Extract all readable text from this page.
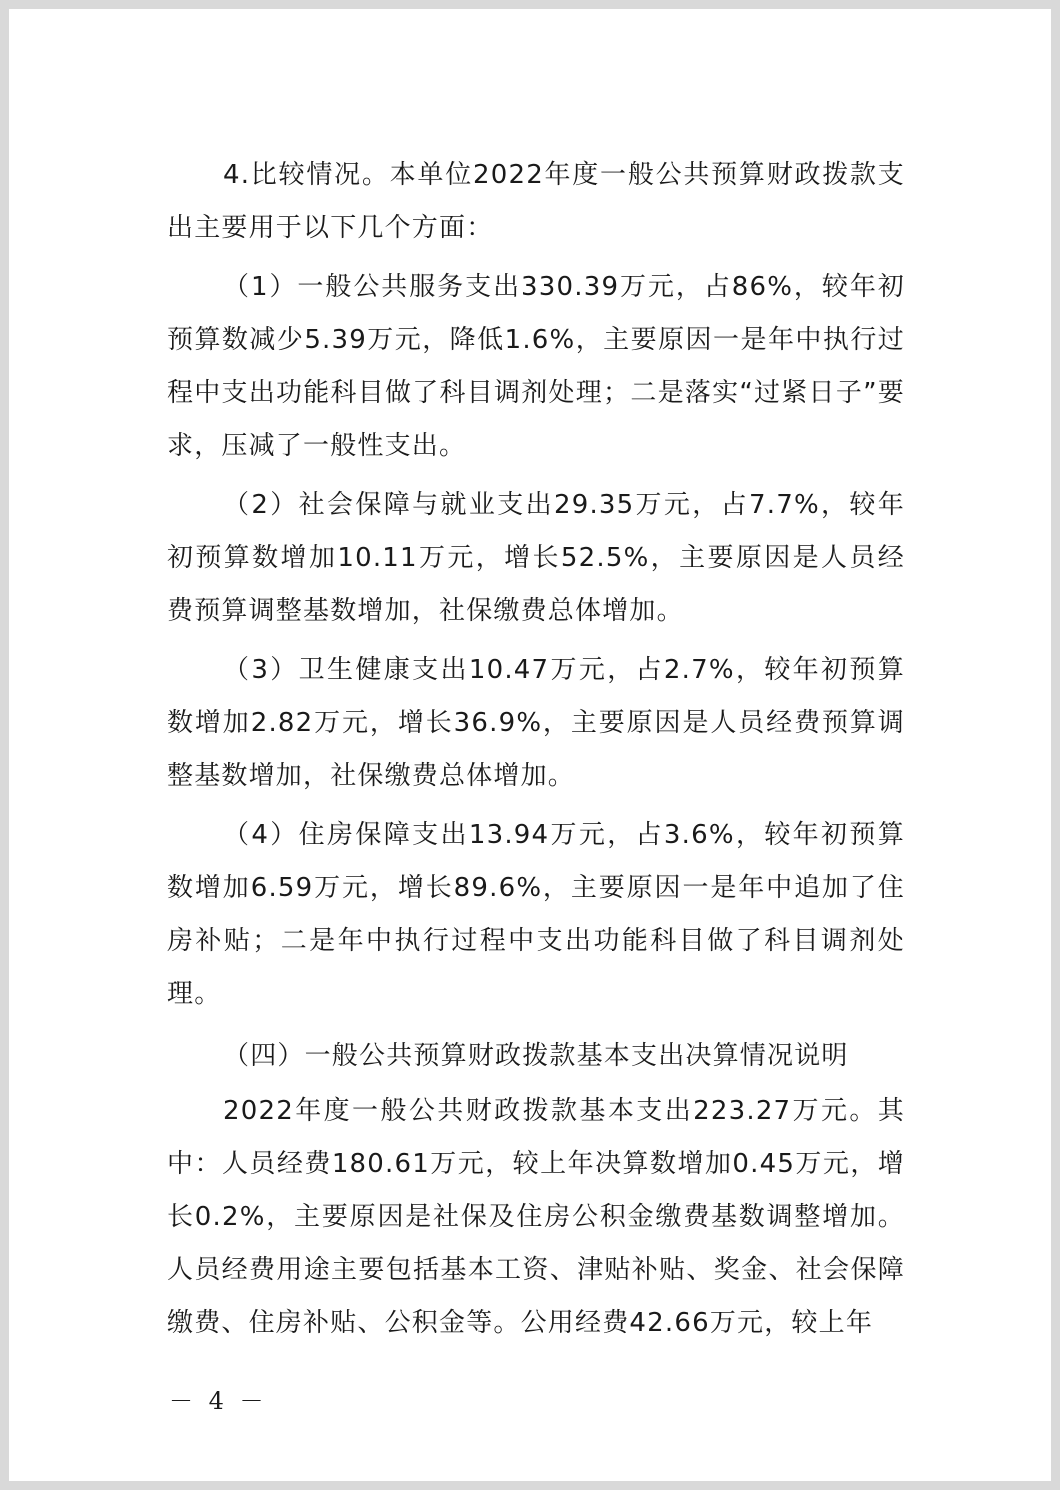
4.比较情况。本单位2022年度一般公共预算财政拨款支出主要用于以下几个方面：

（1）一般公共服务支出330.39万元，占86%，较年初预算数减少5.39万元，降低1.6%，主要原因一是年中执行过程中支出功能科目做了科目调剂处理；二是落实“过紧日子”要求，压减了一般性支出。

（2）社会保障与就业支出29.35万元，占7.7%，较年初预算数增加10.11万元，增长52.5%，主要原因是人员经费预算调整基数增加，社保缴费总体增加。

（3）卫生健康支出10.47万元，占2.7%，较年初预算数增加2.82万元，增长36.9%，主要原因是人员经费预算调整基数增加，社保缴费总体增加。

（4）住房保障支出13.94万元，占3.6%，较年初预算数增加6.59万元，增长89.6%，主要原因一是年中追加了住房补贴；二是年中执行过程中支出功能科目做了科目调剂处理。

（四）一般公共预算财政拨款基本支出决算情况说明

2022年度一般公共财政拨款基本支出223.27万元。其中：人员经费180.61万元，较上年决算数增加0.45万元，增长0.2%，主要原因是社保及住房公积金缴费基数调整增加。人员经费用途主要包括基本工资、津贴补贴、奖金、社会保障缴费、住房补贴、公积金等。公用经费42.66万元，较上年

－ 4 －
